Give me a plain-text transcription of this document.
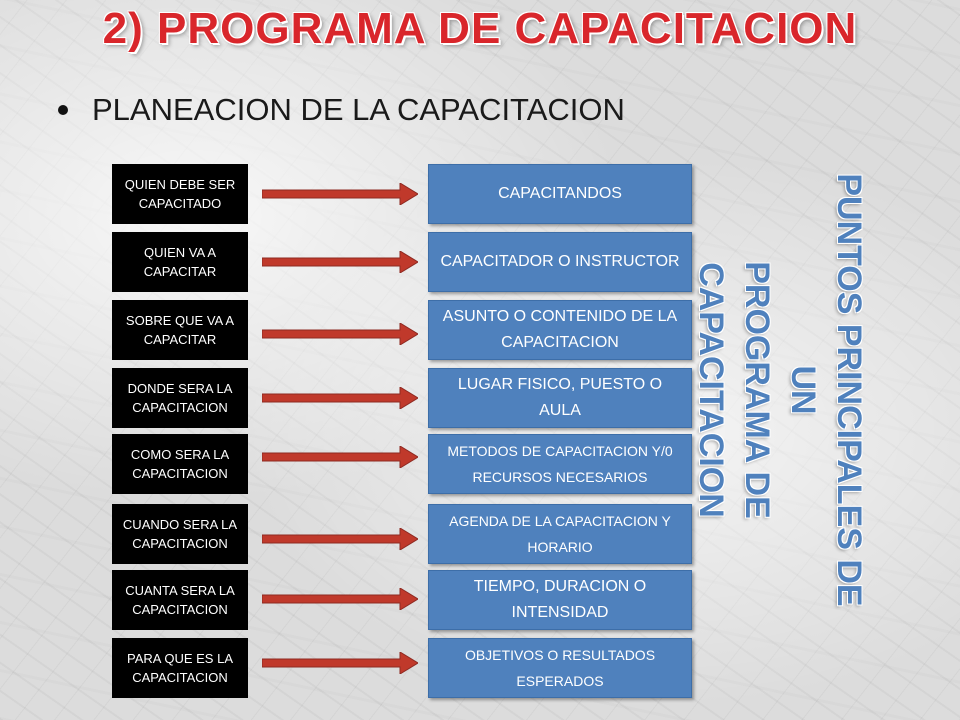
2) PROGRAMA DE CAPACITACION
PLANEACION DE LA CAPACITACION
QUIEN DEBE SER CAPACITADO
CAPACITANDOS
QUIEN VA A CAPACITAR
CAPACITADOR O INSTRUCTOR
SOBRE QUE VA A CAPACITAR
ASUNTO O CONTENIDO DE LA CAPACITACION
DONDE SERA LA CAPACITACION
LUGAR FISICO, PUESTO O AULA
COMO SERA LA CAPACITACION
METODOS DE CAPACITACION Y/0 RECURSOS NECESARIOS
CUANDO SERA LA CAPACITACION
AGENDA DE LA CAPACITACION Y HORARIO
CUANTA SERA LA CAPACITACION
TIEMPO, DURACION O INTENSIDAD
PARA QUE ES LA CAPACITACION
OBJETIVOS O RESULTADOS ESPERADOS
PUNTOS PRINCIPALES DE UN
PROGRAMA DE
CAPACITACION
